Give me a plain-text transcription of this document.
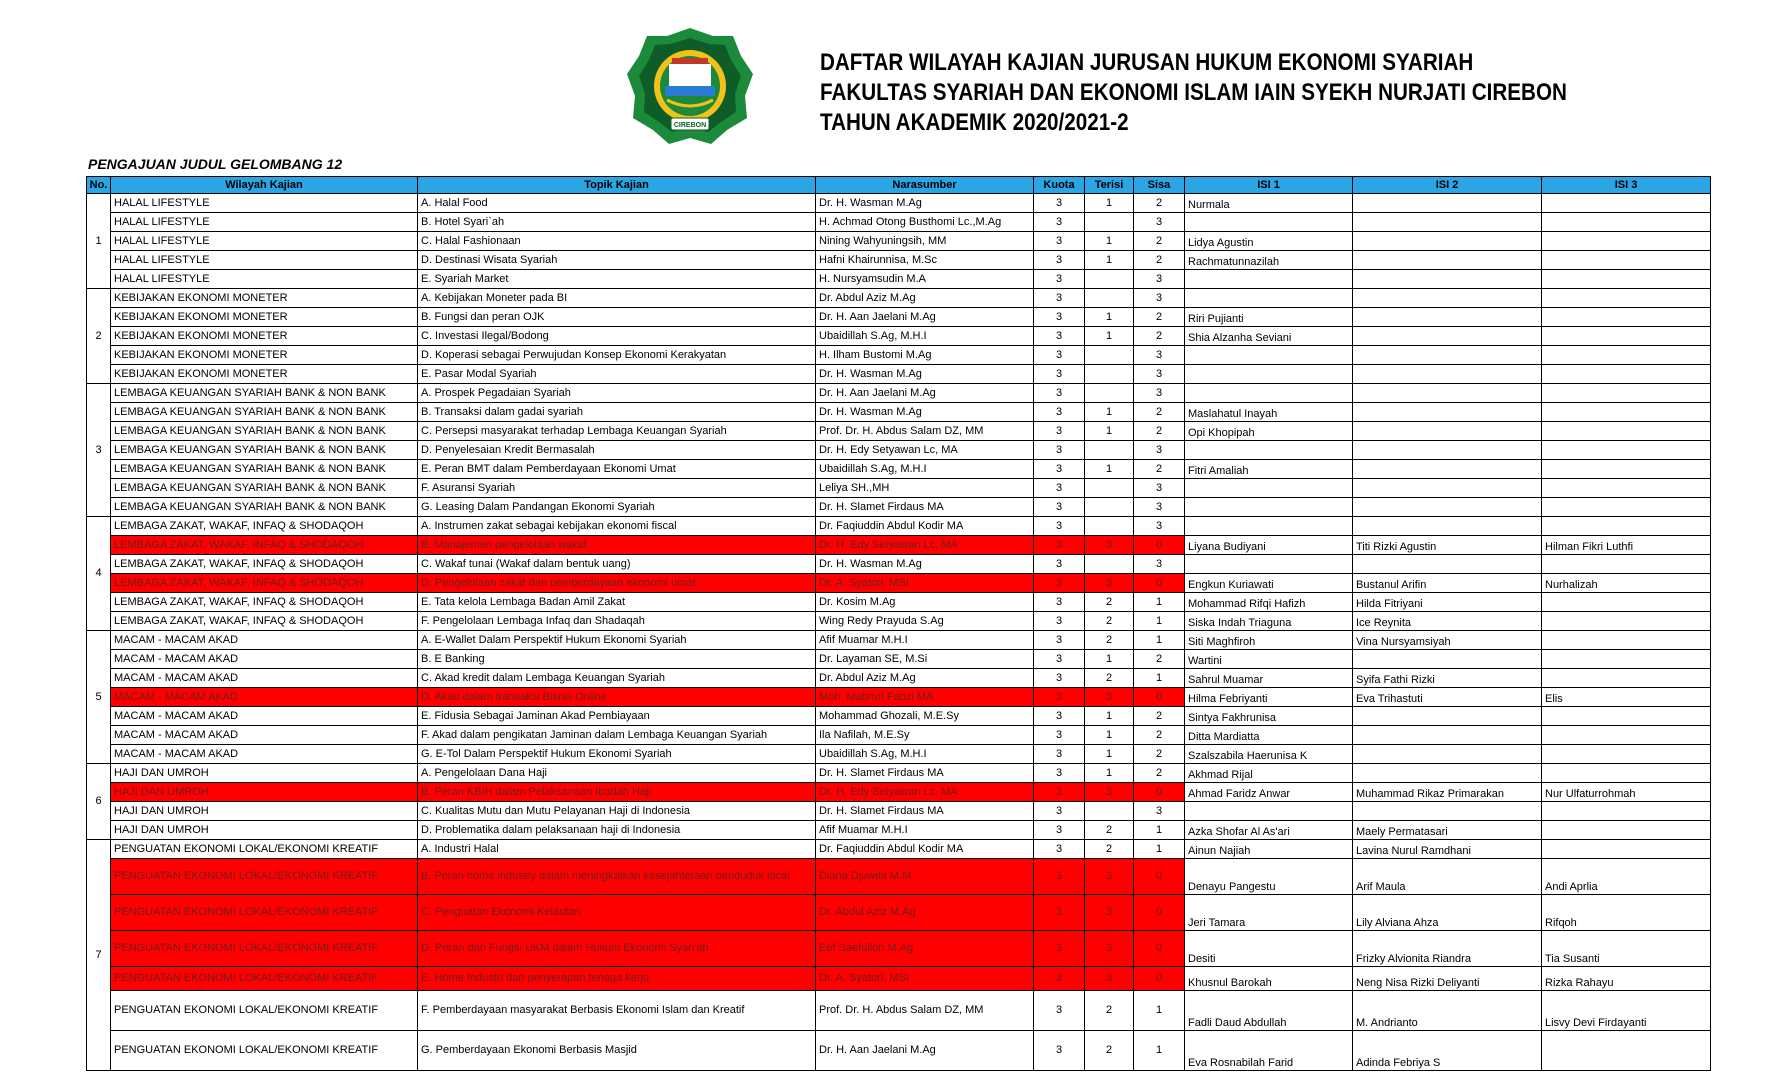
CIREBON
DAFTAR WILAYAH KAJIAN JURUSAN HUKUM EKONOMI SYARIAH
FAKULTAS SYARIAH DAN EKONOMI ISLAM IAIN SYEKH NURJATI CIREBON
TAHUN AKADEMIK 2020/2021-2
PENGAJUAN JUDUL GELOMBANG 12
No.	Wilayah Kajian	Topik Kajian	Narasumber	Kuota	Terisi	Sisa	ISI 1	ISI 2	ISI 3
1	HALAL LIFESTYLE	A. Halal Food	Dr. H. Wasman M.Ag	3	1	2	Nurmala		
	HALAL LIFESTYLE	B. Hotel Syari`ah	H. Achmad Otong Busthomi Lc.,M.Ag	3		3			
	HALAL LIFESTYLE	C. Halal Fashionaan	Nining Wahyuningsih, MM	3	1	2	Lidya Agustin		
	HALAL LIFESTYLE	D. Destinasi Wisata Syariah	Hafni Khairunnisa, M.Sc	3	1	2	Rachmatunnazilah		
	HALAL LIFESTYLE	E. Syariah Market	H. Nursyamsudin M.A	3		3			
2	KEBIJAKAN EKONOMI MONETER	A. Kebijakan Moneter pada BI	Dr. Abdul Aziz M.Ag	3		3			
	KEBIJAKAN EKONOMI MONETER	B. Fungsi dan peran OJK	Dr. H. Aan Jaelani M.Ag	3	1	2	Riri Pujianti		
	KEBIJAKAN EKONOMI MONETER	C. Investasi Ilegal/Bodong	Ubaidillah S.Ag, M.H.I	3	1	2	Shia Alzanha Seviani		
	KEBIJAKAN EKONOMI MONETER	D. Koperasi sebagai Perwujudan Konsep Ekonomi Kerakyatan	H. Ilham Bustomi M.Ag	3		3			
	KEBIJAKAN EKONOMI MONETER	E. Pasar Modal Syariah	Dr. H. Wasman M.Ag	3		3			
3	LEMBAGA KEUANGAN SYARIAH BANK & NON BANK	A. Prospek Pegadaian Syariah	Dr. H. Aan Jaelani M.Ag	3		3			
	LEMBAGA KEUANGAN SYARIAH BANK & NON BANK	B. Transaksi dalam gadai syariah	Dr. H. Wasman M.Ag	3	1	2	Maslahatul Inayah		
	LEMBAGA KEUANGAN SYARIAH BANK & NON BANK	C. Persepsi masyarakat terhadap Lembaga Keuangan Syariah	Prof. Dr. H. Abdus Salam DZ, MM	3	1	2	Opi Khopipah		
	LEMBAGA KEUANGAN SYARIAH BANK & NON BANK	D. Penyelesaian Kredit Bermasalah	Dr. H. Edy Setyawan Lc, MA	3		3			
	LEMBAGA KEUANGAN SYARIAH BANK & NON BANK	E. Peran BMT dalam Pemberdayaan Ekonomi Umat	Ubaidillah S.Ag, M.H.I	3	1	2	Fitri Amaliah		
	LEMBAGA KEUANGAN SYARIAH BANK & NON BANK	F. Asuransi Syariah	Leliya SH.,MH	3		3			
	LEMBAGA KEUANGAN SYARIAH BANK & NON BANK	G. Leasing Dalam Pandangan Ekonomi Syariah	Dr. H. Slamet Firdaus MA	3		3			
4	LEMBAGA ZAKAT, WAKAF, INFAQ & SHODAQOH	A. Instrumen zakat sebagai kebijakan ekonomi fiscal	Dr. Faqiuddin Abdul Kodir MA	3		3			
	LEMBAGA ZAKAT, WAKAF, INFAQ & SHODAQOH	B. Manajemen pengelolaan wakaf	Dr. H. Edy Setyawan Lc, MA	3	3	0	Liyana Budiyani	Titi Rizki Agustin	Hilman Fikri Luthfi
	LEMBAGA ZAKAT, WAKAF, INFAQ & SHODAQOH	C. Wakaf tunai (Wakaf dalam bentuk uang)	Dr. H. Wasman M.Ag	3		3			
	LEMBAGA ZAKAT, WAKAF, INFAQ & SHODAQOH	D. Pengelolaan zakat dan pemberdayaan ekonomi umat	Dr. A. Syatori, MSI	3	3	0	Engkun Kuriawati	Bustanul Arifin	Nurhalizah
	LEMBAGA ZAKAT, WAKAF, INFAQ & SHODAQOH	E. Tata kelola Lembaga Badan Amil Zakat	Dr. Kosim M.Ag	3	2	1	Mohammad Rifqi Hafizh	Hilda Fitriyani	
	LEMBAGA ZAKAT, WAKAF, INFAQ & SHODAQOH	F. Pengelolaan Lembaga Infaq dan Shadaqah	Wing Redy Prayuda S.Ag	3	2	1	Siska Indah Triaguna	Ice Reynita	
5	MACAM - MACAM AKAD	A. E-Wallet Dalam Perspektif Hukum Ekonomi Syariah	Afif Muamar M.H.I	3	2	1	Siti Maghfiroh	Vina Nursyamsiyah	
	MACAM - MACAM AKAD	B. E Banking	Dr. Layaman SE, M.Si	3	1	2	Wartini		
	MACAM - MACAM AKAD	C. Akad kredit dalam Lembaga Keuangan Syariah	Dr. Abdul Aziz M.Ag	3	2	1	Sahrul Muamar	Syifa Fathi Rizki	
	MACAM - MACAM AKAD	D. Akad dalam transaksi Bisnis Online	Moh. Mabruri Faozi MA	3	3	0	Hilma Febriyanti	Eva Trihastuti	Elis
	MACAM - MACAM AKAD	E. Fidusia Sebagai Jaminan Akad Pembiayaan	Mohammad Ghozali, M.E.Sy	3	1	2	Sintya Fakhrunisa		
	MACAM - MACAM AKAD	F. Akad dalam pengikatan Jaminan dalam Lembaga Keuangan Syariah	Ila Nafilah, M.E.Sy	3	1	2	Ditta Mardiatta		
	MACAM - MACAM AKAD	G. E-Tol Dalam Perspektif Hukum Ekonomi Syariah	Ubaidillah S.Ag, M.H.I	3	1	2	Szalszabila Haerunisa K		
6	HAJI DAN UMROH	A. Pengelolaan Dana Haji	Dr. H. Slamet Firdaus MA	3	1	2	Akhmad Rijal		
	HAJI DAN UMROH	B. Peran KBIH dalam Pelaksanaan Ibadah Haji	Dr. H. Edy Setyawan Lc, MA	3	3	0	Ahmad Faridz Anwar	Muhammad Rikaz Primarakan	Nur Ulfaturrohmah
	HAJI DAN UMROH	C. Kualitas Mutu dan Mutu Pelayanan Haji di Indonesia	Dr. H. Slamet Firdaus MA	3		3			
	HAJI DAN UMROH	D. Problematika dalam pelaksanaan haji di Indonesia	Afif Muamar M.H.I	3	2	1	Azka Shofar Al As'ari	Maely Permatasari	
7	PENGUATAN EKONOMI LOKAL/EKONOMI KREATIF	A. Industri Halal	Dr. Faqiuddin Abdul Kodir MA	3	2	1	Ainun Najiah	Lavina Nurul Ramdhani	
	PENGUATAN EKONOMI LOKAL/EKONOMI KREATIF	B. Peran home industry dalam meningkatkan kesejahteraan penduduk local	Diana Djuwita M.M.	3	3	0	Denayu Pangestu	Arif Maula	Andi Aprlia
	PENGUATAN EKONOMI LOKAL/EKONOMI KREATIF	C. Penguatan Ekonomi Kelautan	Dr. Abdul Aziz M.Ag	3	3	0	Jeri Tamara	Lily Alviana Ahza	Rifqoh
	PENGUATAN EKONOMI LOKAL/EKONOMI KREATIF	D. Peran dan Fungsi UKM dalam Hukum Ekonomi Syari'ah	Eef Saefulloh M.Ag	3	3	0	Desiti	Frizky Alvionita Riandra	Tia Susanti
	PENGUATAN EKONOMI LOKAL/EKONOMI KREATIF	E. Home Industri dan penyerapan tenaga kerja	Dr. A. Syatori, MSI	3	3	0	Khusnul Barokah	Neng Nisa Rizki Deliyanti	Rizka Rahayu
	PENGUATAN EKONOMI LOKAL/EKONOMI KREATIF	F. Pemberdayaan masyarakat Berbasis Ekonomi Islam dan Kreatif	Prof. Dr. H. Abdus Salam DZ, MM	3	2	1	Fadli Daud Abdullah	M. Andrianto	Lisvy Devi Firdayanti
	PENGUATAN EKONOMI LOKAL/EKONOMI KREATIF	G. Pemberdayaan Ekonomi Berbasis Masjid	Dr. H. Aan Jaelani M.Ag	3	2	1	Eva Rosnabilah Farid	Adinda Febriya S	
